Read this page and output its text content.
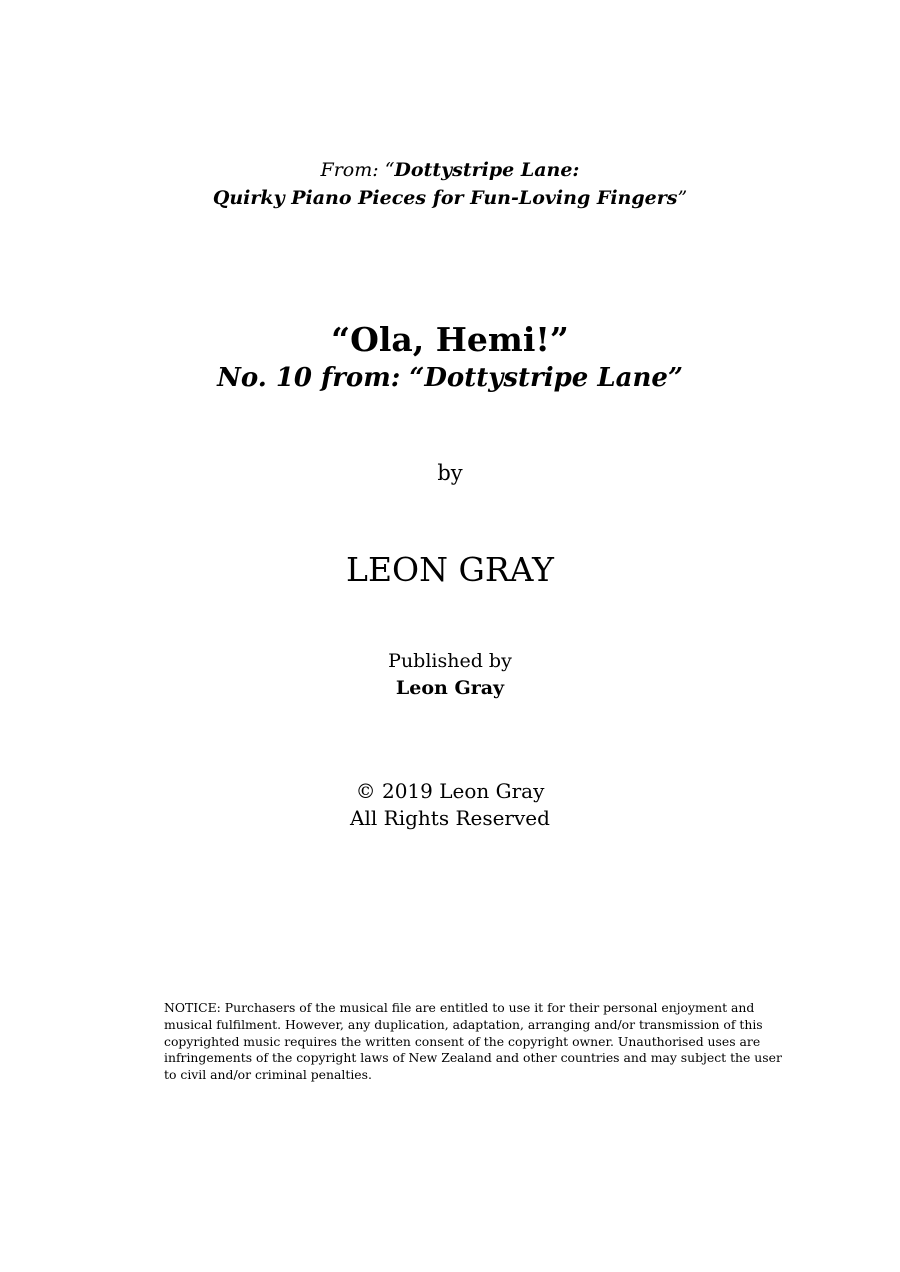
From: “Dottystripe Lane:
Quirky Piano Pieces for Fun-Loving Fingers”
“Ola, Hemi!”
No. 10 from: “Dottystripe Lane”
by
LEON GRAY
Published by
Leon Gray
© 2019 Leon Gray
All Rights Reserved
NOTICE: Purchasers of the musical file are entitled to use it for their personal enjoyment and musical fulfilment. However, any duplication, adaptation, arranging and/or transmission of this copyrighted music requires the written consent of the copyright owner. Unauthorised uses are infringements of the copyright laws of New Zealand and other countries and may subject the user to civil and/or criminal penalties.
